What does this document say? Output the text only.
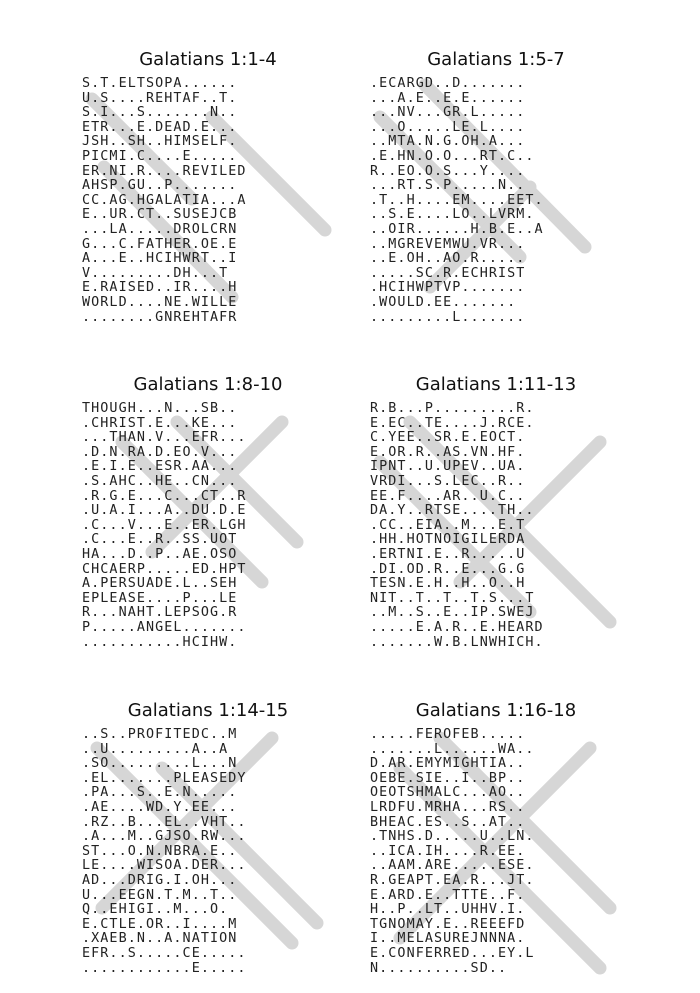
Galatians 1:1-4
S.T.ELTSOPA......
U.S....REHTAF..T.
S.I...S.......N..
ETR...E.DEAD.E...
JSH..SH..HIMSELF.
PICMI.C....E.....
ER.NI.R....REVILED
AHSP.GU..P.......
CC.AG.HGALATIA...A
E..UR.CT..SUSEJCB
...LA.....DROLCRN
G...C.FATHER.OE.E
A...E..HCIHWRT..I
V.........DH...T
E.RAISED..IR....H
WORLD....NE.WILLE
........GNREHTAFR
Galatians 1:5-7
.ECARGD..D.......
...A.E..E.E......
...NV...GR.L.....
...O.....LE.L....
..MTA.N.G.OH.A...
.E.HN.O.O...RT.C..
R..EO.O.S...Y....
...RT.S.P.....N..
.T..H....EM....EET.
..S.E....LO..LVRM.
..OIR......H.B.E..A
..MGREVEMWU.VR...
..E.OH..AO.R.....
.....SC.R.ECHRIST
.HCIHWPTVP.......
.WOULD.EE.......
.........L.......
Galatians 1:8-10
THOUGH...N...SB..
.CHRIST.E...KE...
...THAN.V...EFR...
.D.N.RA.D.EO.V...
.E.I.E..ESR.AA...
.S.AHC..HE..CN...
.R.G.E...C...CT..R
.U.A.I...A..DU.D.E
.C...V...E..ER.LGH
.C...E..R..SS.UOT
HA...D..P..AE.OSO
CHCAERP.....ED.HPT
A.PERSUADE.L..SEH
EPLEASE....P...LE
R...NAHT.LEPSOG.R
P.....ANGEL.......
...........HCIHW.
Galatians 1:11-13
R.B...P.........R.
E.EC..TE....J.RCE.
C.YEE..SR.E.EOCT.
E.OR.R..AS.VN.HF.
IPNT..U.UPEV..UA.
VRDI...S.LEC..R..
EE.F....AR..U.C..
DA.Y..RTSE....TH..
.CC..EIA..M...E.T
.HH.HOTNOIGILERDA
.ERTNI.E..R.....U
.DI.OD.R..E...G.G
TESN.E.H..H..O..H
NIT..T..T..T.S...T
..M..S..E..IP.SWEJ
.....E.A.R..E.HEARD
.......W.B.LNWHICH.
Galatians 1:14-15
..S..PROFITEDC..M
..U.........A..A
.SO.........L...N
.EL.......PLEASEDY
.PA...S..E.N.....
.AE....WD.Y.EE...
.RZ..B...EL..VHT..
.A...M..GJSO.RW...
ST...O.N.NBRA.E..
LE....WISOA.DER...
AD...DRIG.I.OH...
U...EEGN.T.M..T..
Q..EHIGI..M...O.
E.CTLE.OR..I....M
.XAEB.N..A.NATION
EFR..S.....CE.....
............E.....
Galatians 1:16-18
.....FEROFEB.....
.......L......WA..
D.AR.EMYMIGHTIA..
OEBE.SIE..I..BP..
OEOTSHMALC...AO..
LRDFU.MRHA...RS..
BHEAC.ES..S..AT..
.TNHS.D.....U..LN.
..ICA.IH....R.EE.
..AAM.ARE.....ESE.
R.GEAPT.EA.R...JT.
E.ARD.E..TTTE..F.
H..P..LT..UHHV.I.
TGNOMAY.E..REEEFD
I..MELASUREJNNNA.
E.CONFERRED...EY.L
N..........SD..
